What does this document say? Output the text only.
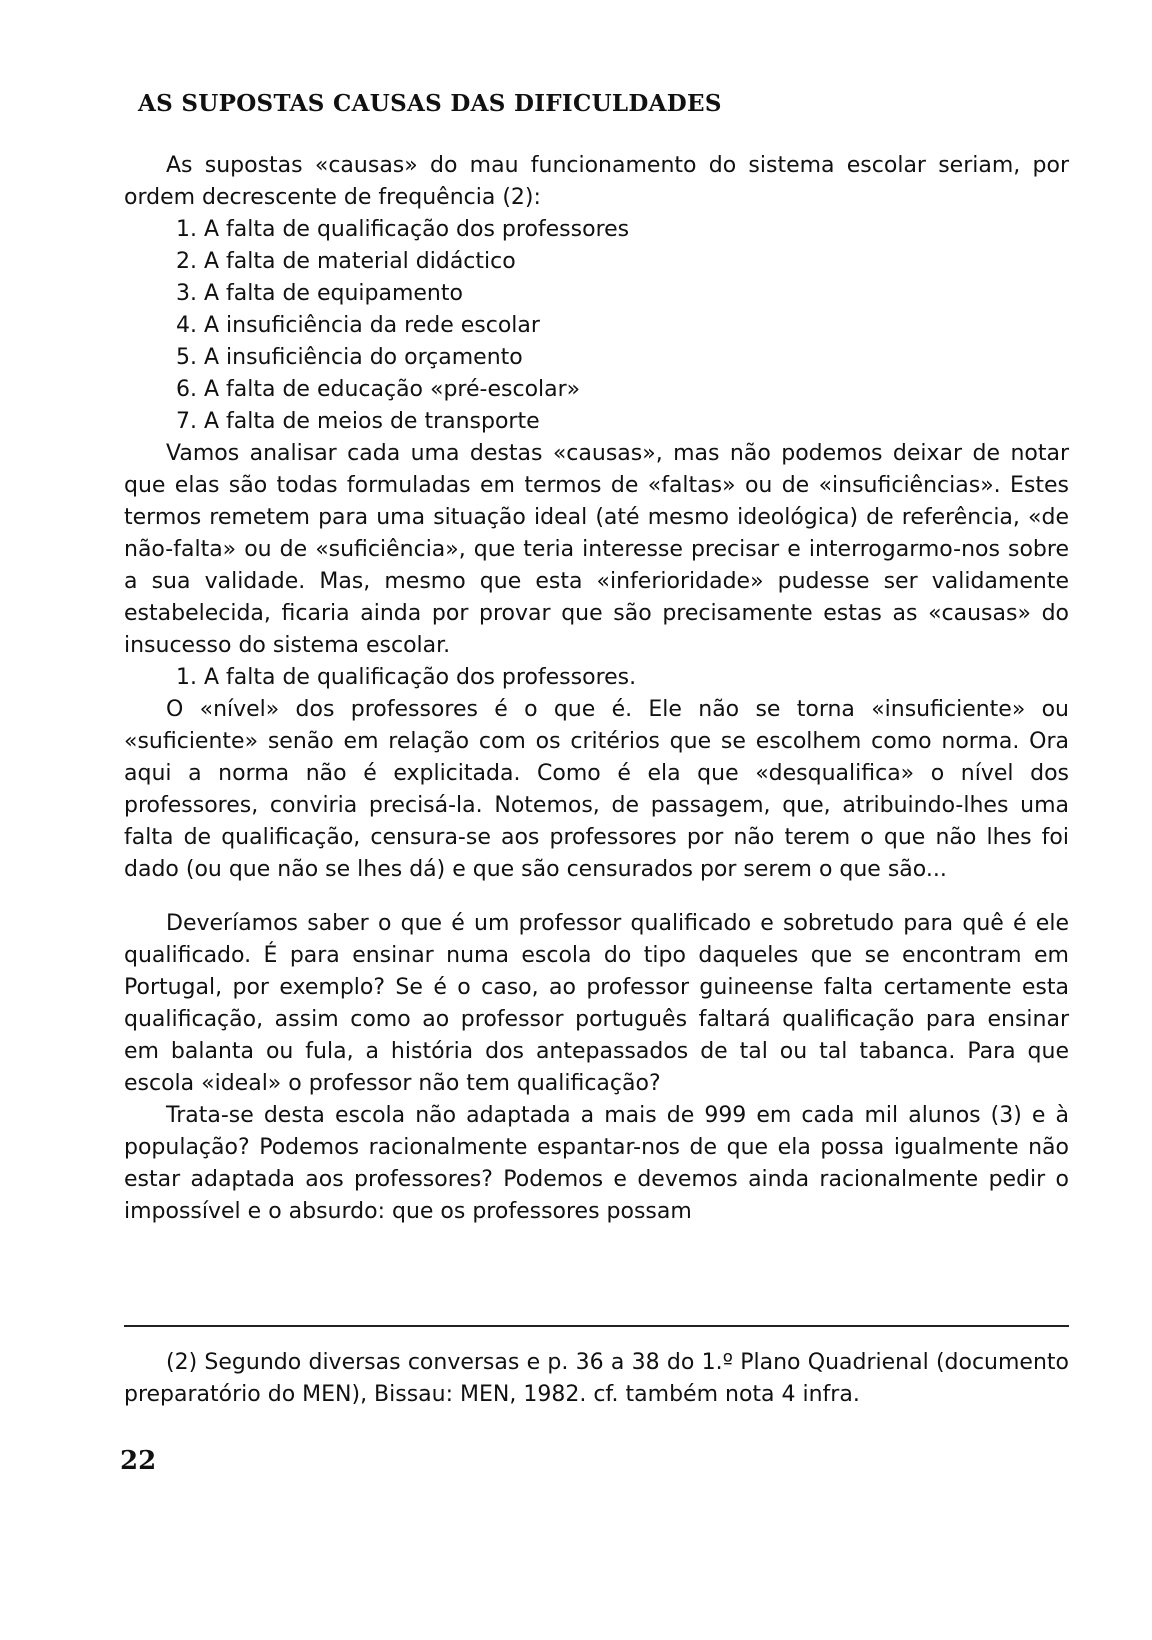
AS SUPOSTAS CAUSAS DAS DIFICULDADES

As supostas «causas» do mau funcionamento do sistema escolar seriam, por ordem decrescente de frequência (2):

1. A falta de qualificação dos professores

2. A falta de material didáctico

3. A falta de equipamento

4. A insuficiência da rede escolar

5. A insuficiência do orçamento

6. A falta de educação «pré-escolar»

7. A falta de meios de transporte

Vamos analisar cada uma destas «causas», mas não podemos deixar de notar que elas são todas formuladas em termos de «faltas» ou de «insuficiências». Estes termos remetem para uma situação ideal (até mesmo ideológica) de referência, «de não-falta» ou de «suficiência», que teria interesse precisar e interrogarmo-nos sobre a sua validade. Mas, mesmo que esta «inferioridade» pudesse ser validamente estabelecida, ficaria ainda por provar que são precisamente estas as «causas» do insucesso do sistema escolar.

1. A falta de qualificação dos professores.

O «nível» dos professores é o que é. Ele não se torna «insuficiente» ou «suficiente» senão em relação com os critérios que se escolhem como norma. Ora aqui a norma não é explicitada. Como é ela que «desqualifica» o nível dos professores, conviria precisá-la. Notemos, de passagem, que, atribuindo-lhes uma falta de qualificação, censura-se aos professores por não terem o que não lhes foi dado (ou que não se lhes dá) e que são censurados por serem o que são...

Deveríamos saber o que é um professor qualificado e sobretudo para quê é ele qualificado. É para ensinar numa escola do tipo daqueles que se encontram em Portugal, por exemplo? Se é o caso, ao professor guineense falta certamente esta qualificação, assim como ao professor português faltará qualificação para ensinar em balanta ou fula, a história dos antepassados de tal ou tal tabanca. Para que escola «ideal» o professor não tem qualificação?

Trata-se desta escola não adaptada a mais de 999 em cada mil alunos (3) e à população? Podemos racionalmente espantar-nos de que ela possa igualmente não estar adaptada aos professores? Podemos e devemos ainda racionalmente pedir o impossível e o absurdo: que os professores possam

(2) Segundo diversas conversas e p. 36 a 38 do 1.º Plano Quadrienal (documento preparatório do MEN), Bissau: MEN, 1982. cf. também nota 4 infra.

22
